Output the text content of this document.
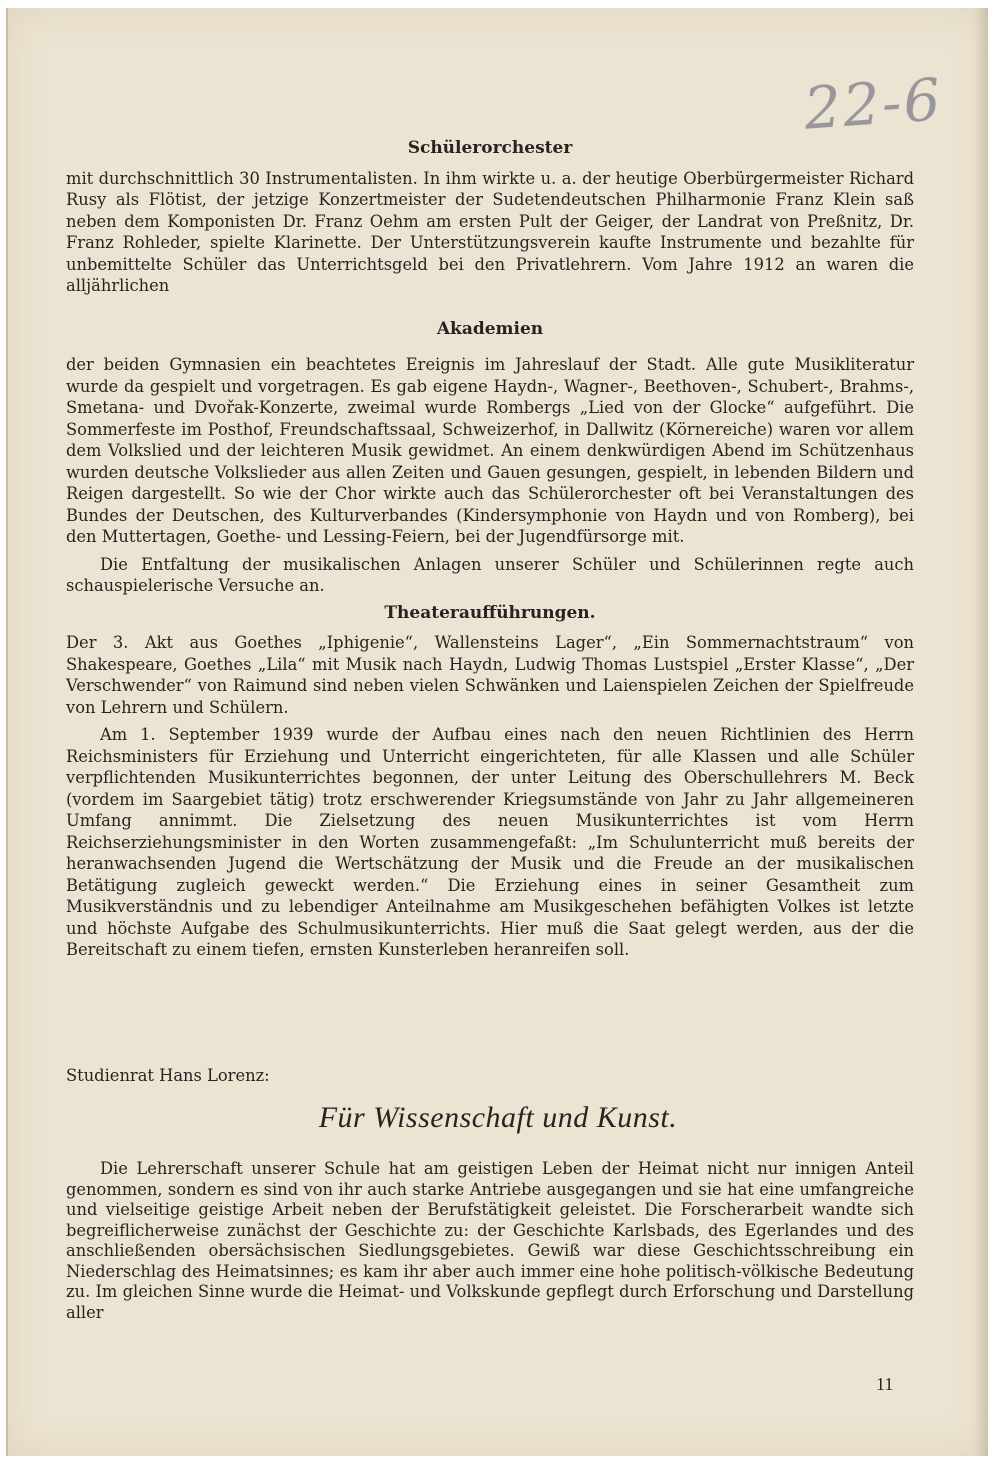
22-6

Schülerorchester

mit durchschnittlich 30 Instrumentalisten. In ihm wirkte u. a. der heutige Oberbürgermeister Richard Rusy als Flötist, der jetzige Konzertmeister der Sudetendeutschen Philharmonie Franz Klein saß neben dem Komponisten Dr. Franz Oehm am ersten Pult der Geiger, der Landrat von Preßnitz, Dr. Franz Rohleder, spielte Klarinette. Der Unterstützungsverein kaufte Instrumente und bezahlte für unbemittelte Schüler das Unterrichtsgeld bei den Privatlehrern. Vom Jahre 1912 an waren die alljährlichen

Akademien

der beiden Gymnasien ein beachtetes Ereignis im Jahreslauf der Stadt. Alle gute Musikliteratur wurde da gespielt und vorgetragen. Es gab eigene Haydn-, Wagner-, Beethoven-, Schubert-, Brahms-, Smetana- und Dvořak-Konzerte, zweimal wurde Rombergs „Lied von der Glocke“ aufgeführt. Die Sommerfeste im Posthof, Freundschaftssaal, Schweizerhof, in Dallwitz (Körnereiche) waren vor allem dem Volkslied und der leichteren Musik gewidmet. An einem denkwürdigen Abend im Schützenhaus wurden deutsche Volkslieder aus allen Zeiten und Gauen gesungen, gespielt, in lebenden Bildern und Reigen dargestellt. So wie der Chor wirkte auch das Schülerorchester oft bei Veranstaltungen des Bundes der Deutschen, des Kulturverbandes (Kindersymphonie von Haydn und von Romberg), bei den Muttertagen, Goethe- und Lessing-Feiern, bei der Jugendfürsorge mit.

Die Entfaltung der musikalischen Anlagen unserer Schüler und Schülerinnen regte auch schauspielerische Versuche an.

Theateraufführungen.

Der 3. Akt aus Goethes „Iphigenie“, Wallensteins Lager“, „Ein Sommernachtstraum“ von Shakespeare, Goethes „Lila“ mit Musik nach Haydn, Ludwig Thomas Lustspiel „Erster Klasse“, „Der Verschwender“ von Raimund sind neben vielen Schwänken und Laienspielen Zeichen der Spielfreude von Lehrern und Schülern.

Am 1. September 1939 wurde der Aufbau eines nach den neuen Richtlinien des Herrn Reichsministers für Erziehung und Unterricht eingerichteten, für alle Klassen und alle Schüler verpflichtenden Musikunterrichtes begonnen, der unter Leitung des Oberschullehrers M. Beck (vordem im Saargebiet tätig) trotz erschwerender Kriegsumstände von Jahr zu Jahr allgemeineren Umfang annimmt. Die Zielsetzung des neuen Musikunterrichtes ist vom Herrn Reichserziehungsminister in den Worten zusammengefaßt: „Im Schulunterricht muß bereits der heranwachsenden Jugend die Wertschätzung der Musik und die Freude an der musikalischen Betätigung zugleich geweckt werden.“ Die Erziehung eines in seiner Gesamtheit zum Musikverständnis und zu lebendiger Anteilnahme am Musikgeschehen befähigten Volkes ist letzte und höchste Aufgabe des Schulmusikunterrichts. Hier muß die Saat gelegt werden, aus der die Bereitschaft zu einem tiefen, ernsten Kunsterleben heranreifen soll.

Studienrat Hans Lorenz:
Für Wissenschaft und Kunst.

Die Lehrerschaft unserer Schule hat am geistigen Leben der Heimat nicht nur innigen Anteil genommen, sondern es sind von ihr auch starke Antriebe ausgegangen und sie hat eine umfangreiche und vielseitige geistige Arbeit neben der Berufstätigkeit geleistet. Die Forscherarbeit wandte sich begreiflicherweise zunächst der Geschichte zu: der Geschichte Karlsbads, des Egerlandes und des anschließenden obersächsischen Siedlungsgebietes. Gewiß war diese Geschichtsschreibung ein Niederschlag des Heimatsinnes; es kam ihr aber auch immer eine hohe politisch-völkische Bedeutung zu. Im gleichen Sinne wurde die Heimat- und Volkskunde gepflegt durch Erforschung und Darstellung aller

11
